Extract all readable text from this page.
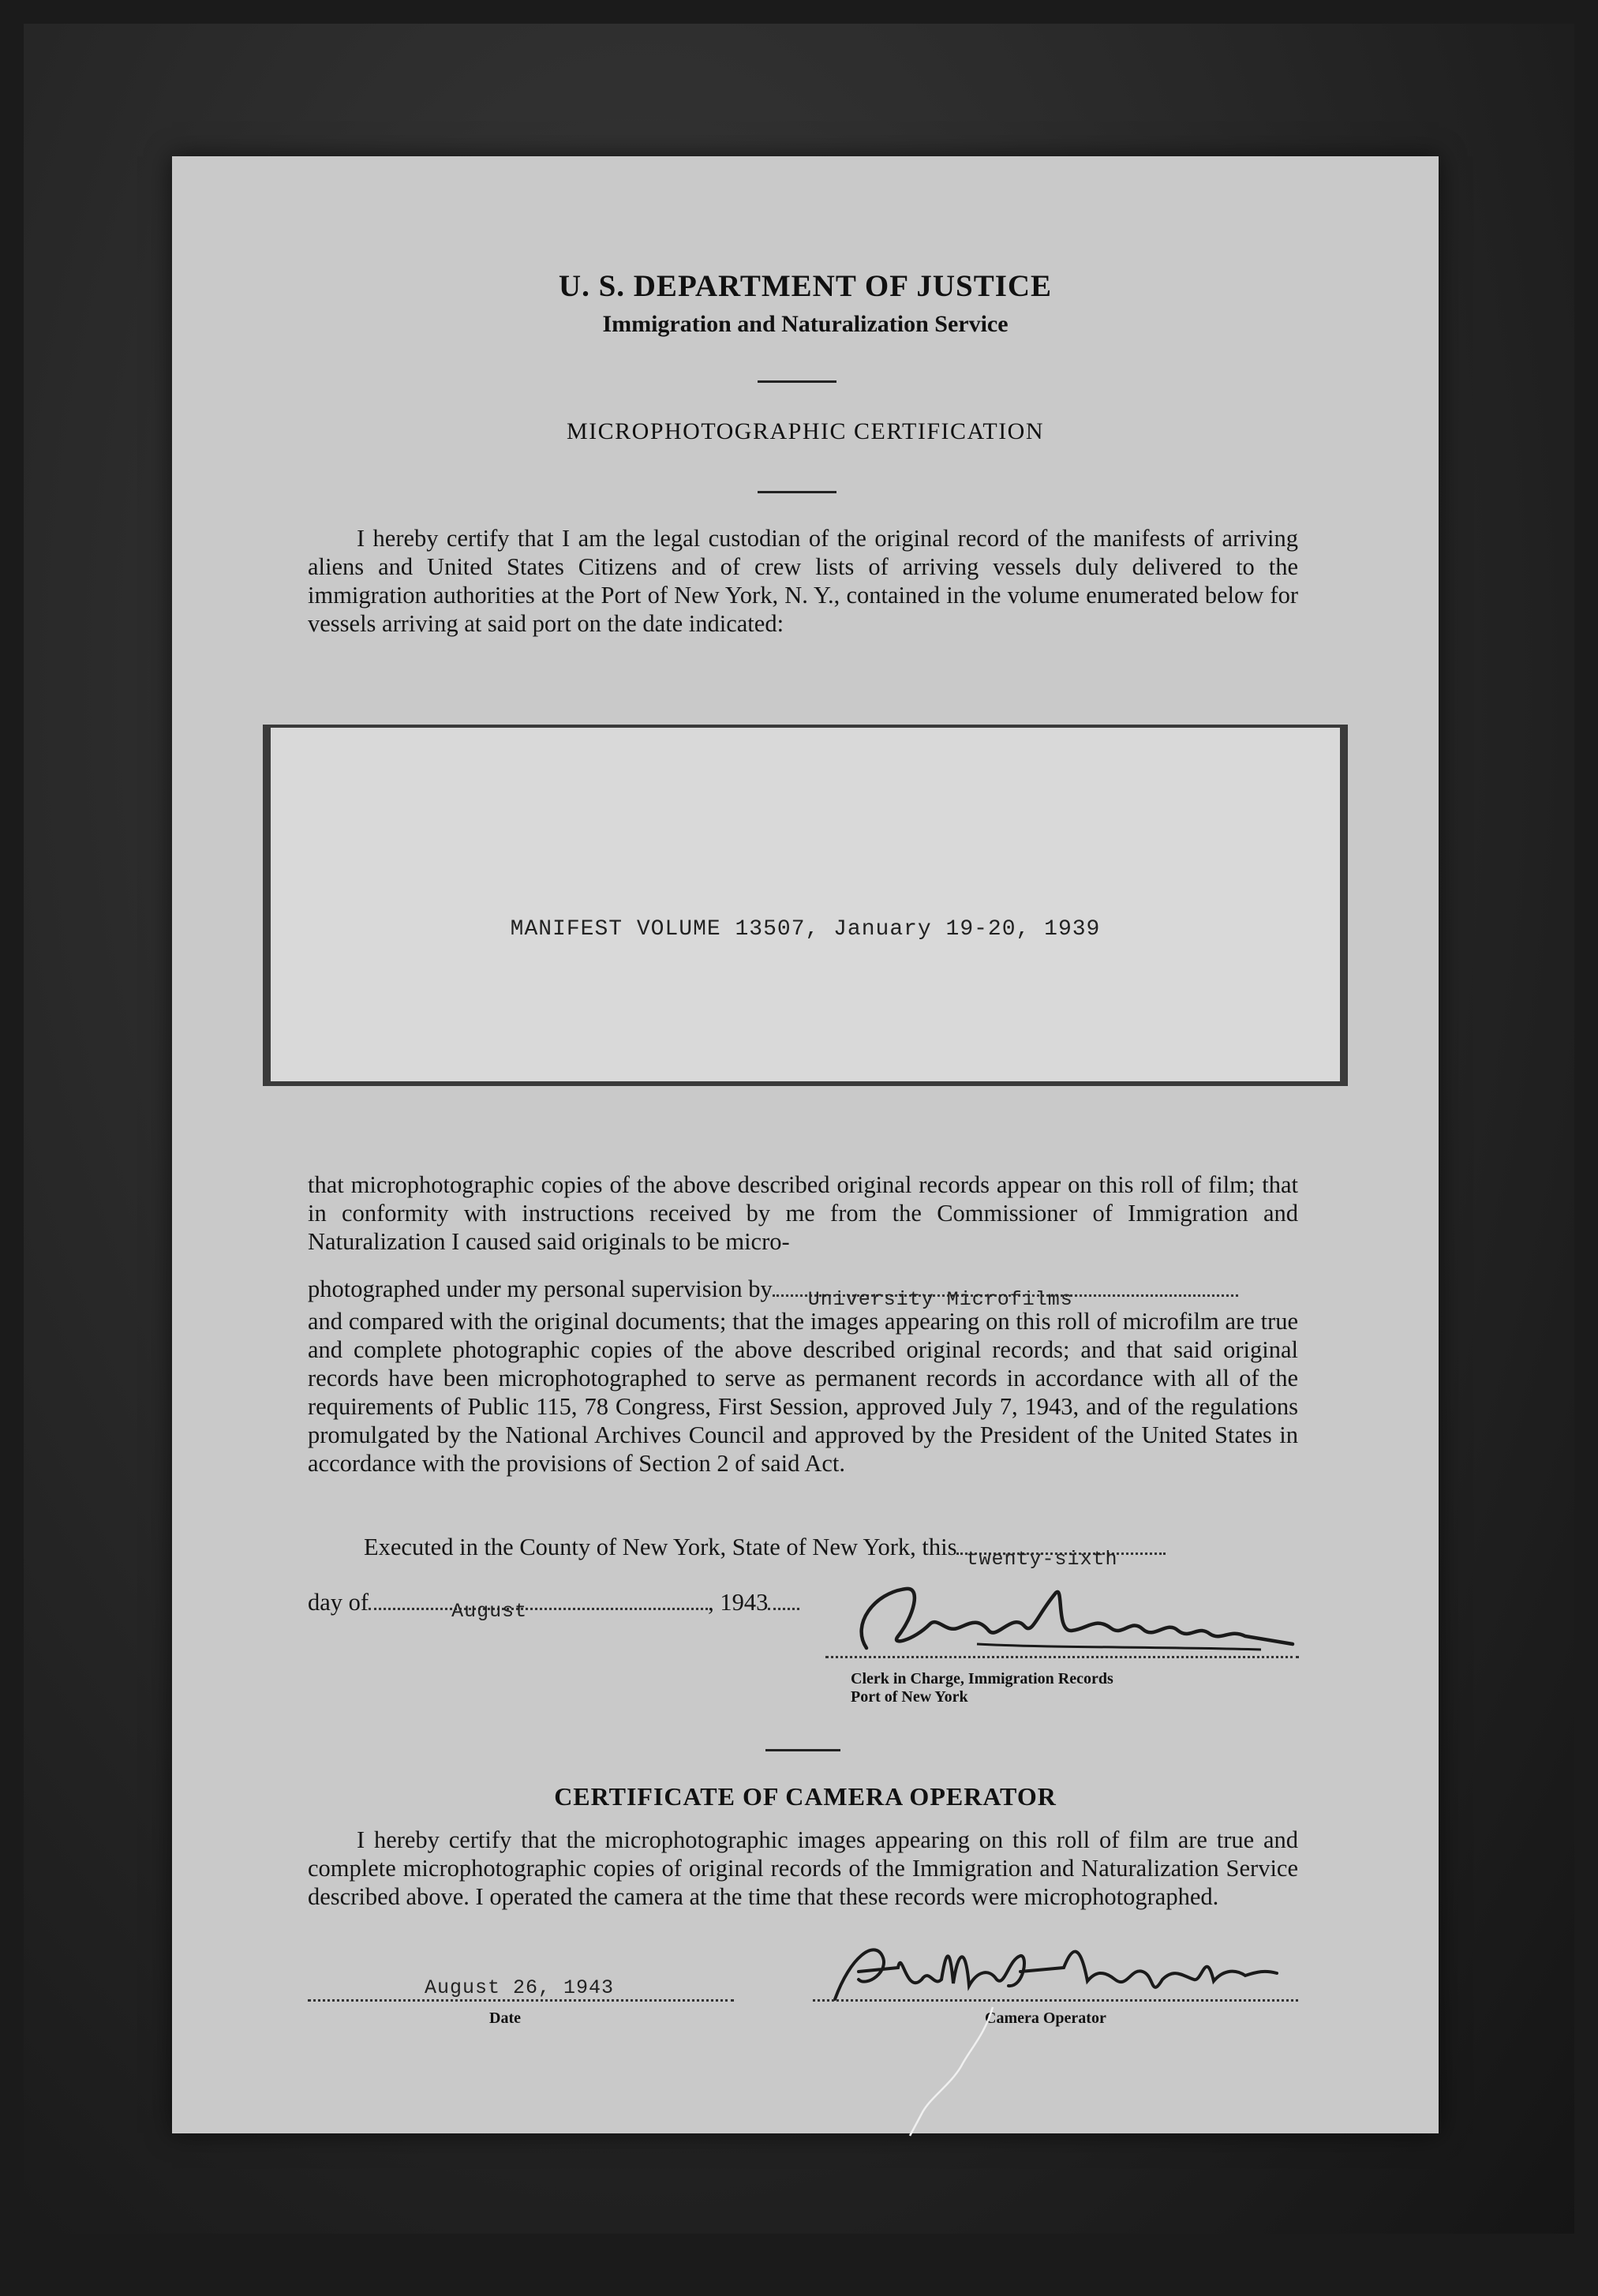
U. S. DEPARTMENT OF JUSTICE
Immigration and Naturalization Service
MICROPHOTOGRAPHIC CERTIFICATION
I hereby certify that I am the legal custodian of the original record of the manifests of arriving aliens and United States Citizens and of crew lists of arriving vessels duly delivered to the immigration authorities at the Port of New York, N. Y., contained in the volume enumerated below for vessels arriving at said port on the date indicated:
MANIFEST VOLUME 13507, January 19-20, 1939
that microphotographic copies of the above described original records appear on this roll of film; that in conformity with instructions received by me from the Commissioner of Immigration and Naturalization I caused said originals to be micro-
photographed under my personal supervision by University Microfilms
and compared with the original documents; that the images appearing on this roll of microfilm are true and complete photographic copies of the above described original records; and that said original records have been microphotographed to serve as permanent records in accordance with all of the requirements of Public 115, 78 Congress, First Session, approved July 7, 1943, and of the regulations promulgated by the National Archives Council and approved by the President of the United States in accordance with the provisions of Section 2 of said Act.
Executed in the County of New York, State of New York, this twenty-sixth
day of	August	, 1943
Clerk in Charge, Immigration Records
Port of New York
CERTIFICATE OF CAMERA OPERATOR
I hereby certify that the microphotographic images appearing on this roll of film are true and complete microphotographic copies of original records of the Immigration and Naturalization Service described above. I operated the camera at the time that these records were microphotographed.
August 26, 1943
Date	Camera Operator
